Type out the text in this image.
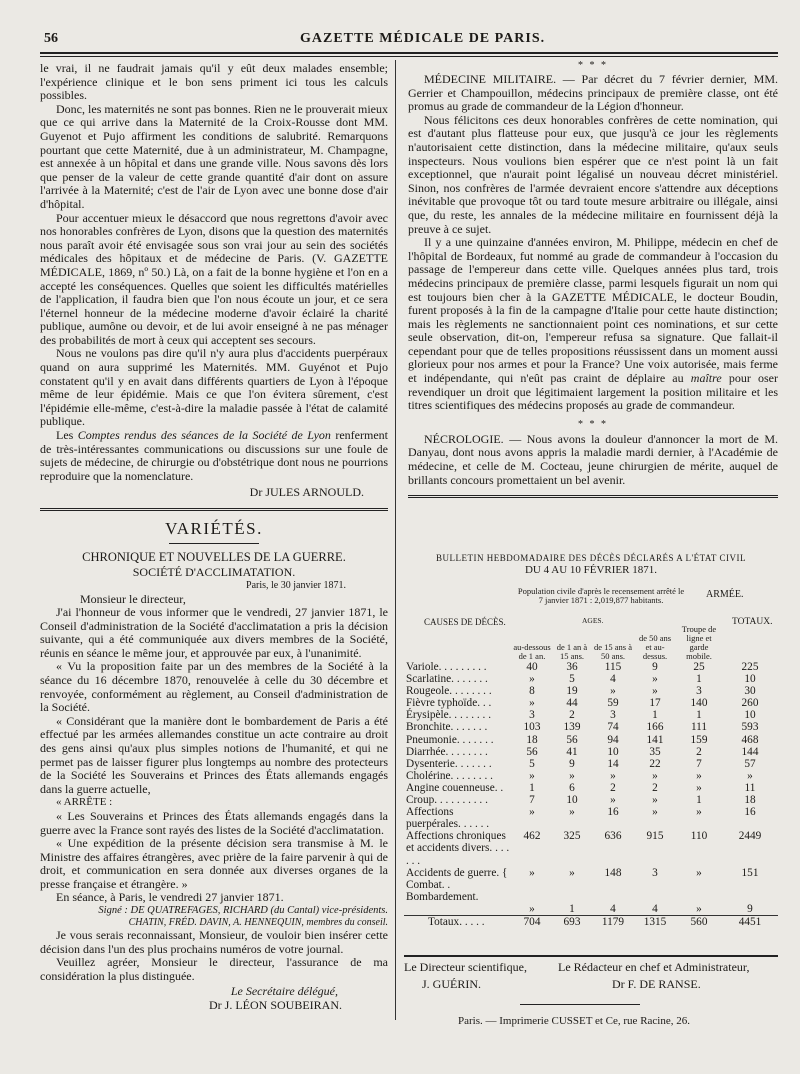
56	GAZETTE MÉDICALE DE PARIS.

le vrai, il ne faudrait jamais qu'il y eût deux malades ensemble; l'expérience clinique et le bon sens priment ici tous les calculs possibles.

Donc, les maternités ne sont pas bonnes. Rien ne le prouverait mieux que ce qui arrive dans la Maternité de la Croix-Rousse dont MM. Guyenot et Pujo affirment les conditions de salubrité. Remarquons pourtant que cette Maternité, due à un administrateur, M. Champagne, est annexée à un hôpital et dans une grande ville. Nous savons dès lors que penser de la valeur de cette grande quantité d'air dont on assure l'arrivée à la Maternité; c'est de l'air de Lyon avec une bonne dose d'air d'hôpital.

Pour accentuer mieux le désaccord que nous regrettons d'avoir avec nos honorables confrères de Lyon, disons que la question des maternités nous paraît avoir été envisagée sous son vrai jour au sein des sociétés médicales des hôpitaux et de médecine de Paris. (V. GAZETTE MÉDICALE, 1869, nº 50.) Là, on a fait de la bonne hygiène et l'on en a accepté les conséquences. Quelles que soient les difficultés matérielles de l'application, il faudra bien que l'on nous écoute un jour, et ce sera l'éternel honneur de la médecine moderne d'avoir éclairé la charité publique, aumône ou devoir, et de lui avoir enseigné à ne pas ménager des probabilités de mort à ceux qui acceptent ses secours.

Nous ne voulons pas dire qu'il n'y aura plus d'accidents puerpéraux quand on aura supprimé les Maternités. MM. Guyénot et Pujo constatent qu'il y en avait dans différents quartiers de Lyon à l'époque même de leur épidémie. Mais ce que l'on évitera sûrement, c'est l'épidémie elle-même, c'est-à-dire la maladie passée à l'état de calamité publique.

Les Comptes rendus des séances de la Société de Lyon renferment de très-intéressantes communications ou discussions sur une foule de sujets de médecine, de chirurgie ou d'obstétrique dont nous ne pourrions reproduire que la nomenclature.

Dr JULES ARNOULD.
VARIÉTÉS.
CHRONIQUE ET NOUVELLES DE LA GUERRE.
SOCIÉTÉ D'ACCLIMATATION.
Paris, le 30 janvier 1871.
Monsieur le directeur,

J'ai l'honneur de vous informer que le vendredi, 27 janvier 1871, le Conseil d'administration de la Société d'acclimatation a pris la décision suivante, qui a été communiquée aux divers membres de la Société, réunis en séance le même jour, et approuvée par eux, à l'unanimité.

« Vu la proposition faite par un des membres de la Société à la séance du 16 décembre 1870, renouvelée à celle du 30 décembre et renvoyée, conformément au règlement, au Conseil d'administration de la Société.

« Considérant que la manière dont le bombardement de Paris a été effectué par les armées allemandes constitue un acte contraire au droit des gens ainsi qu'aux plus simples notions de l'humanité, et qui ne permet pas de laisser figurer plus longtemps au nombre des protecteurs de la Société les Souverains et Princes des États allemands engagés dans la guerre actuelle,

« ARRÊTE :

« Les Souverains et Princes des États allemands engagés dans la guerre avec la France sont rayés des listes de la Société d'acclimatation.

« Une expédition de la présente décision sera transmise à M. le Ministre des affaires étrangères, avec prière de la faire parvenir à qui de droit, et communication en sera donnée aux diverses organes de la presse française et étrangère. »

En séance, à Paris, le vendredi 27 janvier 1871.

Signé : DE QUATREFAGES, RICHARD (du Cantal) vice-présidents.
CHATIN, FRÉD. DAVIN, A. HENNEQUIN, membres du conseil.

Je vous serais reconnaissant, Monsieur, de vouloir bien insérer cette décision dans l'un des plus prochains numéros de votre journal.

Veuillez agréer, Monsieur le directeur, l'assurance de ma considération la plus distinguée.

Le Secrétaire délégué,
Dr J. LÉON SOUBEIRAN.
* * *

MÉDECINE MILITAIRE. — Par décret du 7 février dernier, MM. Gerrier et Champouillon, médecins principaux de première classe, ont été promus au grade de commandeur de la Légion d'honneur.

Nous félicitons ces deux honorables confrères de cette nomination, qui est d'autant plus flatteuse pour eux, que jusqu'à ce jour les règlements n'autorisaient cette distinction, dans la médecine militaire, qu'aux seuls inspecteurs. Nous voulions bien espérer que ce n'est point là un fait exceptionnel, que n'aurait point légalisé un nouveau décret ministériel. Sinon, nos confrères de l'armée devraient encore s'attendre aux déceptions inévitable que provoque tôt ou tard toute mesure arbitraire ou illégale, ainsi que, du reste, les annales de la médecine militaire en fournissent déjà la preuve à ce sujet.

Il y a une quinzaine d'années environ, M. Philippe, médecin en chef de l'hôpital de Bordeaux, fut nommé au grade de commandeur à l'occasion du passage de l'empereur dans cette ville. Quelques années plus tard, trois médecins principaux de première classe, parmi lesquels figurait un nom qui est toujours bien cher à la GAZETTE MÉDICALE, le docteur Boudin, furent proposés à la fin de la campagne d'Italie pour cette haute distinction; mais les règlements ne sanctionnaient point ces nominations, et sur cette seule observation, dit-on, l'empereur refusa sa signature. Que fallait-il cependant pour que de telles propositions réussissent dans un moment aussi glorieux pour nos armes et pour la France? Une voix autorisée, mais ferme et indépendante, qui n'eût pas craint de déplaire au maître pour oser revendiquer un droit que légitimaient largement la position militaire et les titres scientifiques des médecins proposés au grade de commandeur.

* * *

NÉCROLOGIE. — Nous avons la douleur d'annoncer la mort de M. Danyau, dont nous avons appris la maladie mardi dernier, à l'Académie de médecine, et celle de M. Cocteau, jeune chirurgien de mérite, auquel de brillants concours promettaient un bel avenir.

BULLETIN HEBDOMADAIRE DES DÉCÈS DÉCLARÉS A L'ÉTAT CIVIL
DU 4 AU 10 FÉVRIER 1871.
Population civile d'après le recensement arrêté le 7 janvier 1871 : 2,019,877 habitants.	ARMÉE.
CAUSES DE DÉCÈS.	TOTAUX.
AGES.
	au-dessous de 1 an.	de 1 an à 15 ans.	de 15 ans à 50 ans.	de 50 ans et au-dessus.	Troupe de ligne et garde mobile.	
Variole. . . . . . . . .	40	36	115	9	25	225
Scarlatine. . . . . . .	»	5	4	»	1	10
Rougeole. . . . . . . .	8	19	»	»	3	30
Fièvre typhoïde. . .	»	44	59	17	140	260
Érysipèle. . . . . . . .	3	2	3	1	1	10
Bronchite. . . . . . .	103	139	74	166	111	593
Pneumonie. . . . . . .	18	56	94	141	159	468
Diarrhée. . . . . . . .	56	41	10	35	2	144
Dysenterie. . . . . . .	5	9	14	22	7	57
Cholérine. . . . . . . .	»	»	»	»	»	»
Angine couenneuse. .	1	6	2	2	»	11
Croup. . . . . . . . . .	7	10	»	»	1	18
Affections puerpérales. . . . . .	»	»	16	»	»	16
Affections chroniques et accidents divers. . . . . . .	462	325	636	915	110	2449
Accidents de guerre. { Combat. . Bombardement.	»	»	148	3	»	151
	»	1	4	4	»	9
Totaux. . . . .	704	693	1179	1315	560	4451
Le Directeur scientifique,
J. GUÉRIN.
Le Rédacteur en chef et Administrateur,
Dr F. DE RANSE.
Paris. — Imprimerie CUSSET et Ce, rue Racine, 26.
